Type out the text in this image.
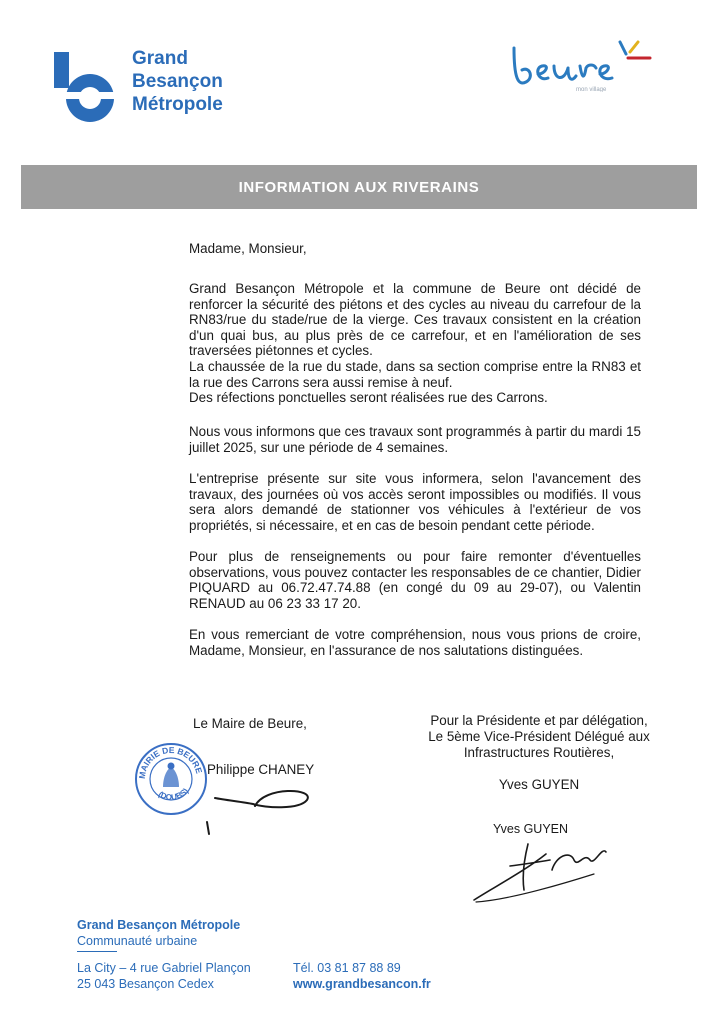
Grand
Besançon
Métropole
mon village
INFORMATION AUX RIVERAINS
Madame, Monsieur,
Grand Besançon Métropole et la commune de Beure ont décidé de renforcer la sécurité des piétons et des cycles au niveau du carrefour de la RN83/rue du stade/rue de la vierge. Ces travaux consistent en la création d'un quai bus, au plus près de ce carrefour, et en l'amélioration de ses traversées piétonnes et cycles.
La chaussée de la rue du stade, dans sa section comprise entre la RN83 et la rue des Carrons sera aussi remise à neuf.
Des réfections ponctuelles seront réalisées rue des Carrons.
Nous vous informons que ces travaux sont programmés à partir du mardi 15 juillet 2025, sur une période de 4 semaines.
L'entreprise présente sur site vous informera, selon l'avancement des travaux, des journées où vos accès seront impossibles ou modifiés. Il vous sera alors demandé de stationner vos véhicules à l'extérieur de vos propriétés, si nécessaire, et en cas de besoin pendant cette période.
Pour plus de renseignements ou pour faire remonter d'éventuelles observations, vous pouvez contacter les responsables de ce chantier, Didier PIQUARD au 06.72.47.74.88 (en congé du 09 au 29-07), ou Valentin RENAUD au 06 23 33 17 20.
En vous remerciant de votre compréhension, nous vous prions de croire, Madame, Monsieur, en l'assurance de nos salutations distinguées.
Le Maire de Beure,
Philippe CHANEY
MAIRIE DE BEURE
(DOUBS)
Pour la Présidente et par délégation,
Le 5ème Vice-Président Délégué aux
Infrastructures Routières,
Yves GUYEN
Yves GUYEN
Grand Besançon Métropole
Communauté urbaine
La City – 4 rue Gabriel Plançon
25 043 Besançon Cedex
Tél. 03 81 87 88 89
www.grandbesancon.fr
